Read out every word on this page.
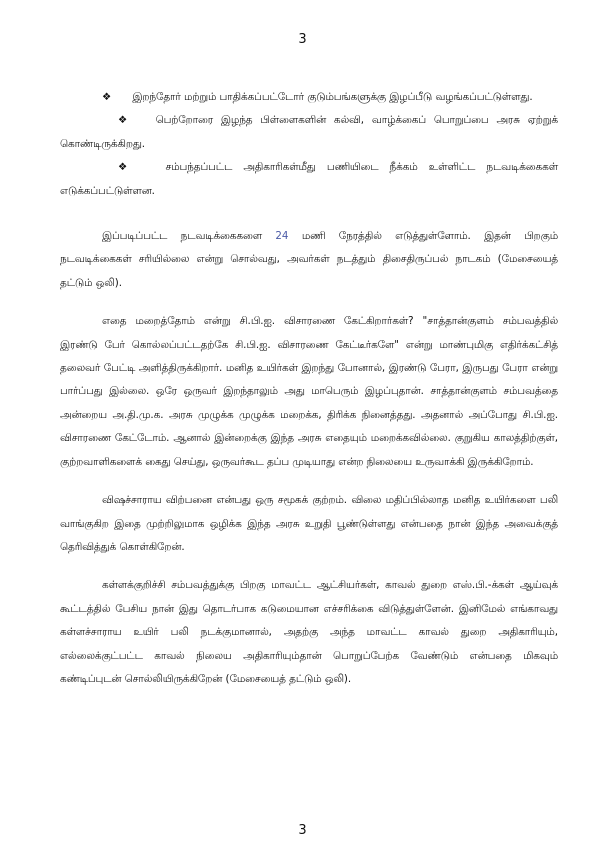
3

❖ இறந்தோர் மற்றும் பாதிக்கப்பட்டோர் குடும்பங்களுக்கு இழப்பீடு வழங்கப்பட்டுள்ளது.

❖	பெற்றோரை இழந்த பிள்ளைகளின் கல்வி, வாழ்க்கைப் பொறுப்பை அரசு ஏற்றுக் கொண்டிருக்கிறது.

❖	சம்பந்தப்பட்ட அதிகாரிகள்மீது பணியிடை நீக்கம் உள்ளிட்ட நடவடிக்கைகள் எடுக்கப்பட்டுள்ளன.

இப்படிப்பட்ட நடவடிக்கைகளை 24 மணி நேரத்தில் எடுத்துள்ளோம். இதன் பிறகும் நடவடிக்கைகள் சரியில்லை என்று சொல்வது, அவர்கள் நடத்தும் திசைதிருப்பல் நாடகம் (மேசையைத் தட்டும் ஒலி).

எதை மறைத்தோம் என்று சி.பி.ஐ. விசாரணை கேட்கிறார்கள்? "சாத்தான்குளம் சம்பவத்தில் இரண்டு பேர் கொல்லப்பட்டதற்கே சி.பி.ஐ. விசாரணை கேட்டீர்களே" என்று மாண்புமிகு எதிர்க்கட்சித் தலைவர் பேட்டி அளித்திருக்கிறார். மனித உயிர்கள் இறந்து போனால், இரண்டு பேரா, இருபது பேரா என்று பார்ப்பது இல்லை. ஒரே ஒருவர் இறந்தாலும் அது மாபெரும் இழப்புதான். சாத்தான்குளம் சம்பவத்தை அன்றைய அ.தி.மு.க. அரசு முழுக்க முழுக்க மறைக்க, திரிக்க நினைத்தது. அதனால் அப்போது சி.பி.ஐ. விசாரணை கேட்டோம். ஆனால் இன்றைக்கு இந்த அரசு எதையும் மறைக்கவில்லை. குறுகிய காலத்திற்குள், குற்றவாளிகளைக் கைது செய்து, ஒருவர்கூட தப்ப முடியாது என்ற நிலையை உருவாக்கி இருக்கிறோம்.

விஷச்சாராய விற்பனை என்பது ஒரு சமூகக் குற்றம். விலை மதிப்பில்லாத மனித உயிர்களை பலி வாங்குகிற இதை முற்றிலுமாக ஒழிக்க இந்த அரசு உறுதி பூண்டுள்ளது என்பதை நான் இந்த அவைக்குத் தெரிவித்துக் கொள்கிறேன்.

கள்ளக்குறிச்சி சம்பவத்துக்கு பிறகு மாவட்ட ஆட்சியர்கள், காவல் துறை எஸ்.பி.-க்கள் ஆய்வுக் கூட்டத்தில் பேசிய நான் இது தொடர்பாக கடுமையான எச்சரிக்கை விடுத்துள்ளேன். இனிமேல் எங்காவது கள்ளச்சாராய உயிர் பலி நடக்குமானால், அதற்கு அந்த மாவட்ட காவல் துறை அதிகாரியும், எல்லைக்குட்பட்ட காவல் நிலைய அதிகாரியும்தான் பொறுப்பேற்க வேண்டும் என்பதை மிகவும் கண்டிப்புடன் சொல்லியிருக்கிறேன் (மேசையைத் தட்டும் ஒலி).

3
